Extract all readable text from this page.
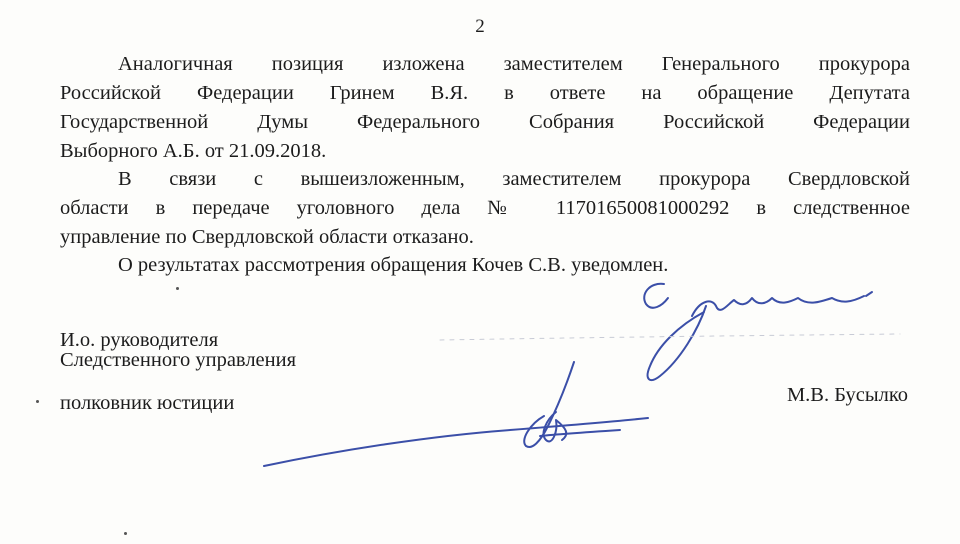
2
Аналогичная позиция изложена заместителем Генерального прокурора
Российской Федерации Гринем В.Я. в ответе на обращение Депутата
Государственной Думы Федерального Собрания Российской Федерации
Выборного А.Б. от 21.09.2018.
В связи с вышеизложенным, заместителем прокурора Свердловской
области в передаче уголовного дела № 11701650081000292 в следственное
управление по Свердловской области отказано.
О результатах рассмотрения обращения Кочев С.В. уведомлен.
И.о. руководителя
Следственного управления
полковник юстиции	М.В. Бусылко
